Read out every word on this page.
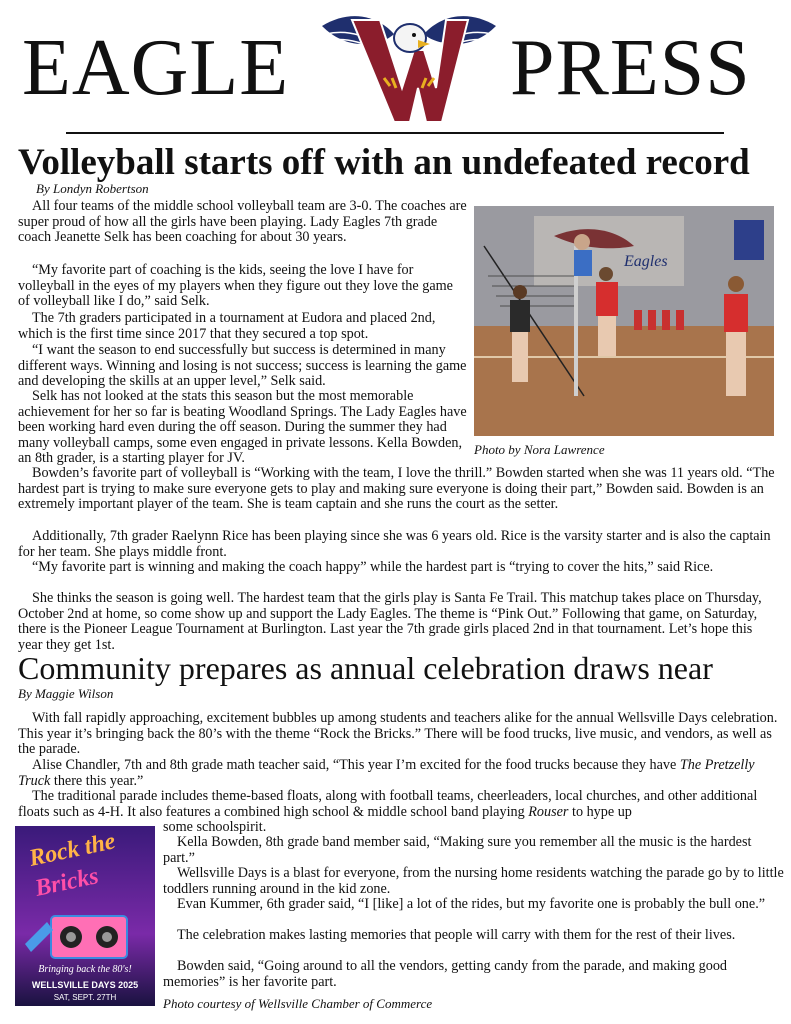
EAGLE	PRESS
Volleyball starts off with an undefeated record
By Londyn Robertson

All four teams of the middle school volleyball team are 3-0. The coaches are super proud of how all the girls have been playing. Lady Eagles 7th grade coach Jeanette Selk has been coaching for about 30 years.

“My favorite part of coaching is the kids, seeing the love I have for volleyball in the eyes of my players when they figure out they love the game of volleyball like I do,” said Selk.

The 7th graders participated in a tournament at Eudora and placed 2nd, which is the first time since 2017 that they secured a top spot.

“I want the season to end successfully but success is determined in many different ways. Winning and losing is not success; success is learning the game and developing the skills at an upper level,” Selk said.

Selk has not looked at the stats this season but the most memorable achievement for her so far is beating Woodland Springs. The Lady Eagles have been working hard even during the off season. During the summer they had many volleyball camps, some even engaged in private lessons. Kella Bowden, an 8th grader, is a starting player for JV.

Eagles
Photo by Nora Lawrence

Bowden’s favorite part of volleyball is “Working with the team, I love the thrill.” Bowden started when she was 11 years old. “The hardest part is trying to make sure everyone gets to play and making sure everyone is doing their part,” Bowden said. Bowden is an extremely important player of the team. She is team captain and she runs the court as the setter.

Additionally, 7th grader Raelynn Rice has been playing since she was 6 years old. Rice is the varsity starter and is also the captain for her team. She plays middle front.

“My favorite part is winning and making the coach happy” while the hardest part is “trying to cover the hits,” said Rice.

She thinks the season is going well. The hardest team that the girls play is Santa Fe Trail. This matchup takes place on Thursday, October 2nd at home, so come show up and support the Lady Eagles. The theme is “Pink Out.” Following that game, on Saturday, there is the Pioneer League Tournament at Burlington. Last year the 7th grade girls placed 2nd in that tournament. Let’s hope this year they get 1st.

Community prepares as annual celebration draws near
By Maggie Wilson

With fall rapidly approaching, excitement bubbles up among students and teachers alike for the annual Wellsville Days celebration. This year it’s bringing back the 80’s with the theme “Rock the Bricks.” There will be food trucks, live music, and vendors, as well as the parade.

Alise Chandler, 7th and 8th grade math teacher said, “This year I’m excited for the food trucks because they have The Pretzelly Truck there this year.”

The traditional parade includes theme-based floats, along with football teams, cheerleaders, local churches, and other additional floats such as 4-H. It also features a combined high school & middle school band playing Rouser to hype up

Rock the
Bricks
Bringing back the 80's!
WELLSVILLE DAYS 2025
SAT, SEPT. 27TH

some schoolspirit.

Kella Bowden, 8th grade band member said, “Making sure you remember all the music is the hardest part.”

Wellsville Days is a blast for everyone, from the nursing home residents watching the parade go by to little toddlers running around in the kid zone.

Evan Kummer, 6th grader said, “I [like] a lot of the rides, but my favorite one is probably the bull one.”

The celebration makes lasting memories that people will carry with them for the rest of their lives.

Bowden said, “Going around to all the vendors, getting candy from the parade, and making good memories” is her favorite part.

Photo courtesy of Wellsville Chamber of Commerce
